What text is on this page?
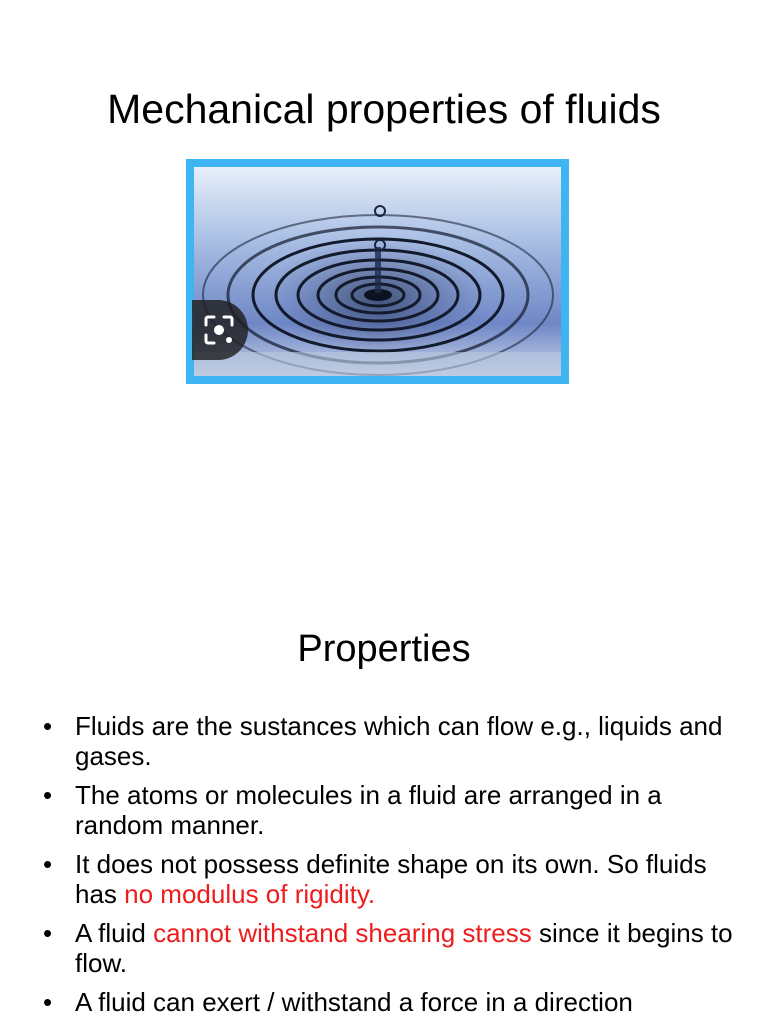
Mechanical properties of fluids
Properties
• Fluids are the sustances which can flow e.g., liquids and gases.
• The atoms or molecules in a fluid are arranged in a random manner.
• It does not possess definite shape on its own. So fluids has no modulus of rigidity.
• A fluid cannot withstand shearing stress since it begins to flow.
• A fluid can exert / withstand a force in a direction
